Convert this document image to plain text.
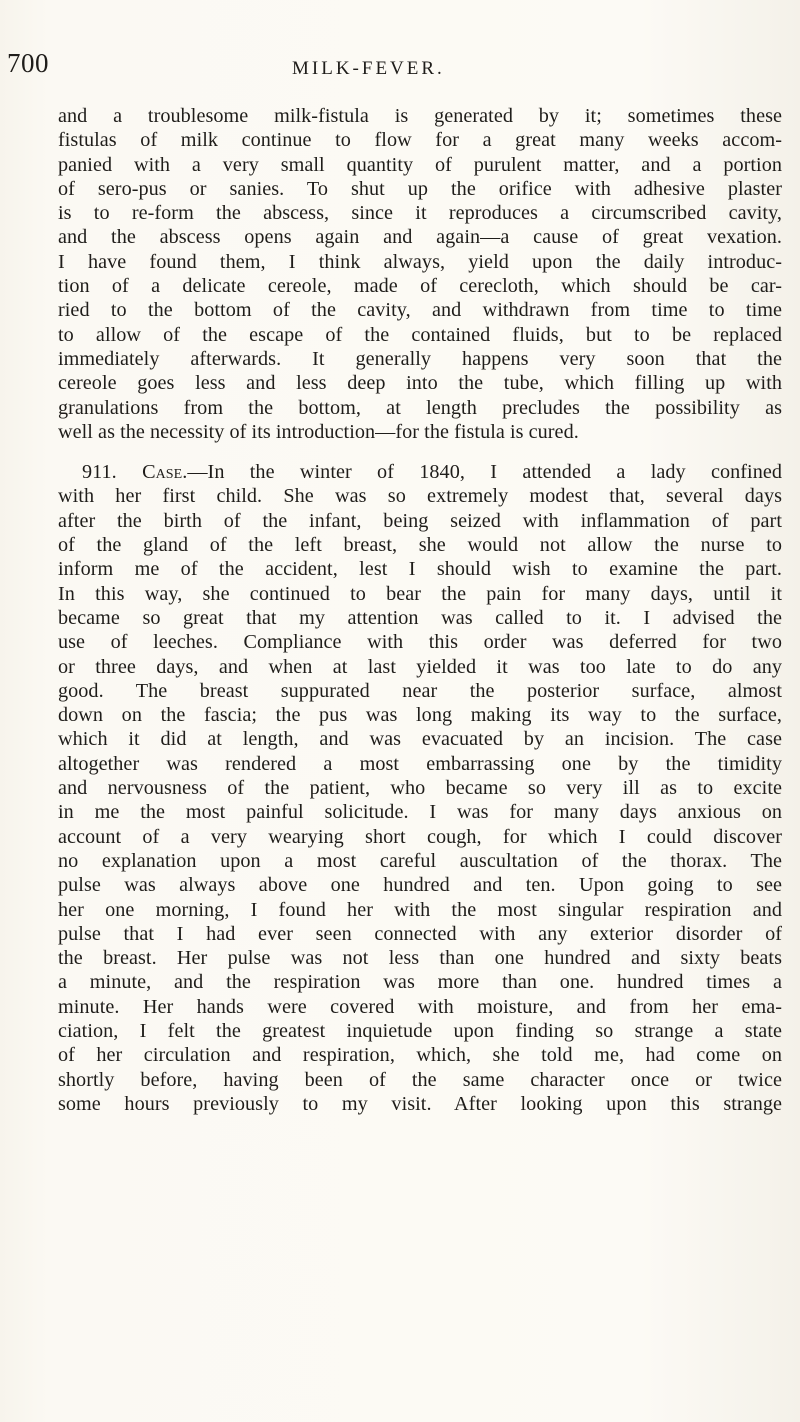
700	MILK-FEVER.
and a troublesome milk-fistula is generated by it; sometimes these
fistulas of milk continue to flow for a great many weeks accom-
panied with a very small quantity of purulent matter, and a portion
of sero-pus or sanies. To shut up the orifice with adhesive plaster
is to re-form the abscess, since it reproduces a circumscribed cavity,
and the abscess opens again and again—a cause of great vexation.
I have found them, I think always, yield upon the daily introduc-
tion of a delicate cereole, made of cerecloth, which should be car-
ried to the bottom of the cavity, and withdrawn from time to time
to allow of the escape of the contained fluids, but to be replaced
immediately afterwards. It generally happens very soon that the
cereole goes less and less deep into the tube, which filling up with
granulations from the bottom, at length precludes the possibility as
well as the necessity of its introduction—for the fistula is cured.
911. Case.—In the winter of 1840, I attended a lady confined
with her first child. She was so extremely modest that, several days
after the birth of the infant, being seized with inflammation of part
of the gland of the left breast, she would not allow the nurse to
inform me of the accident, lest I should wish to examine the part.
In this way, she continued to bear the pain for many days, until it
became so great that my attention was called to it. I advised the
use of leeches. Compliance with this order was deferred for two
or three days, and when at last yielded it was too late to do any
good. The breast suppurated near the posterior surface, almost
down on the fascia; the pus was long making its way to the surface,
which it did at length, and was evacuated by an incision. The case
altogether was rendered a most embarrassing one by the timidity
and nervousness of the patient, who became so very ill as to excite
in me the most painful solicitude. I was for many days anxious on
account of a very wearying short cough, for which I could discover
no explanation upon a most careful auscultation of the thorax. The
pulse was always above one hundred and ten. Upon going to see
her one morning, I found her with the most singular respiration and
pulse that I had ever seen connected with any exterior disorder of
the breast. Her pulse was not less than one hundred and sixty beats
a minute, and the respiration was more than one. hundred times a
minute. Her hands were covered with moisture, and from her ema-
ciation, I felt the greatest inquietude upon finding so strange a state
of her circulation and respiration, which, she told me, had come on
shortly before, having been of the same character once or twice
some hours previously to my visit. After looking upon this strange
